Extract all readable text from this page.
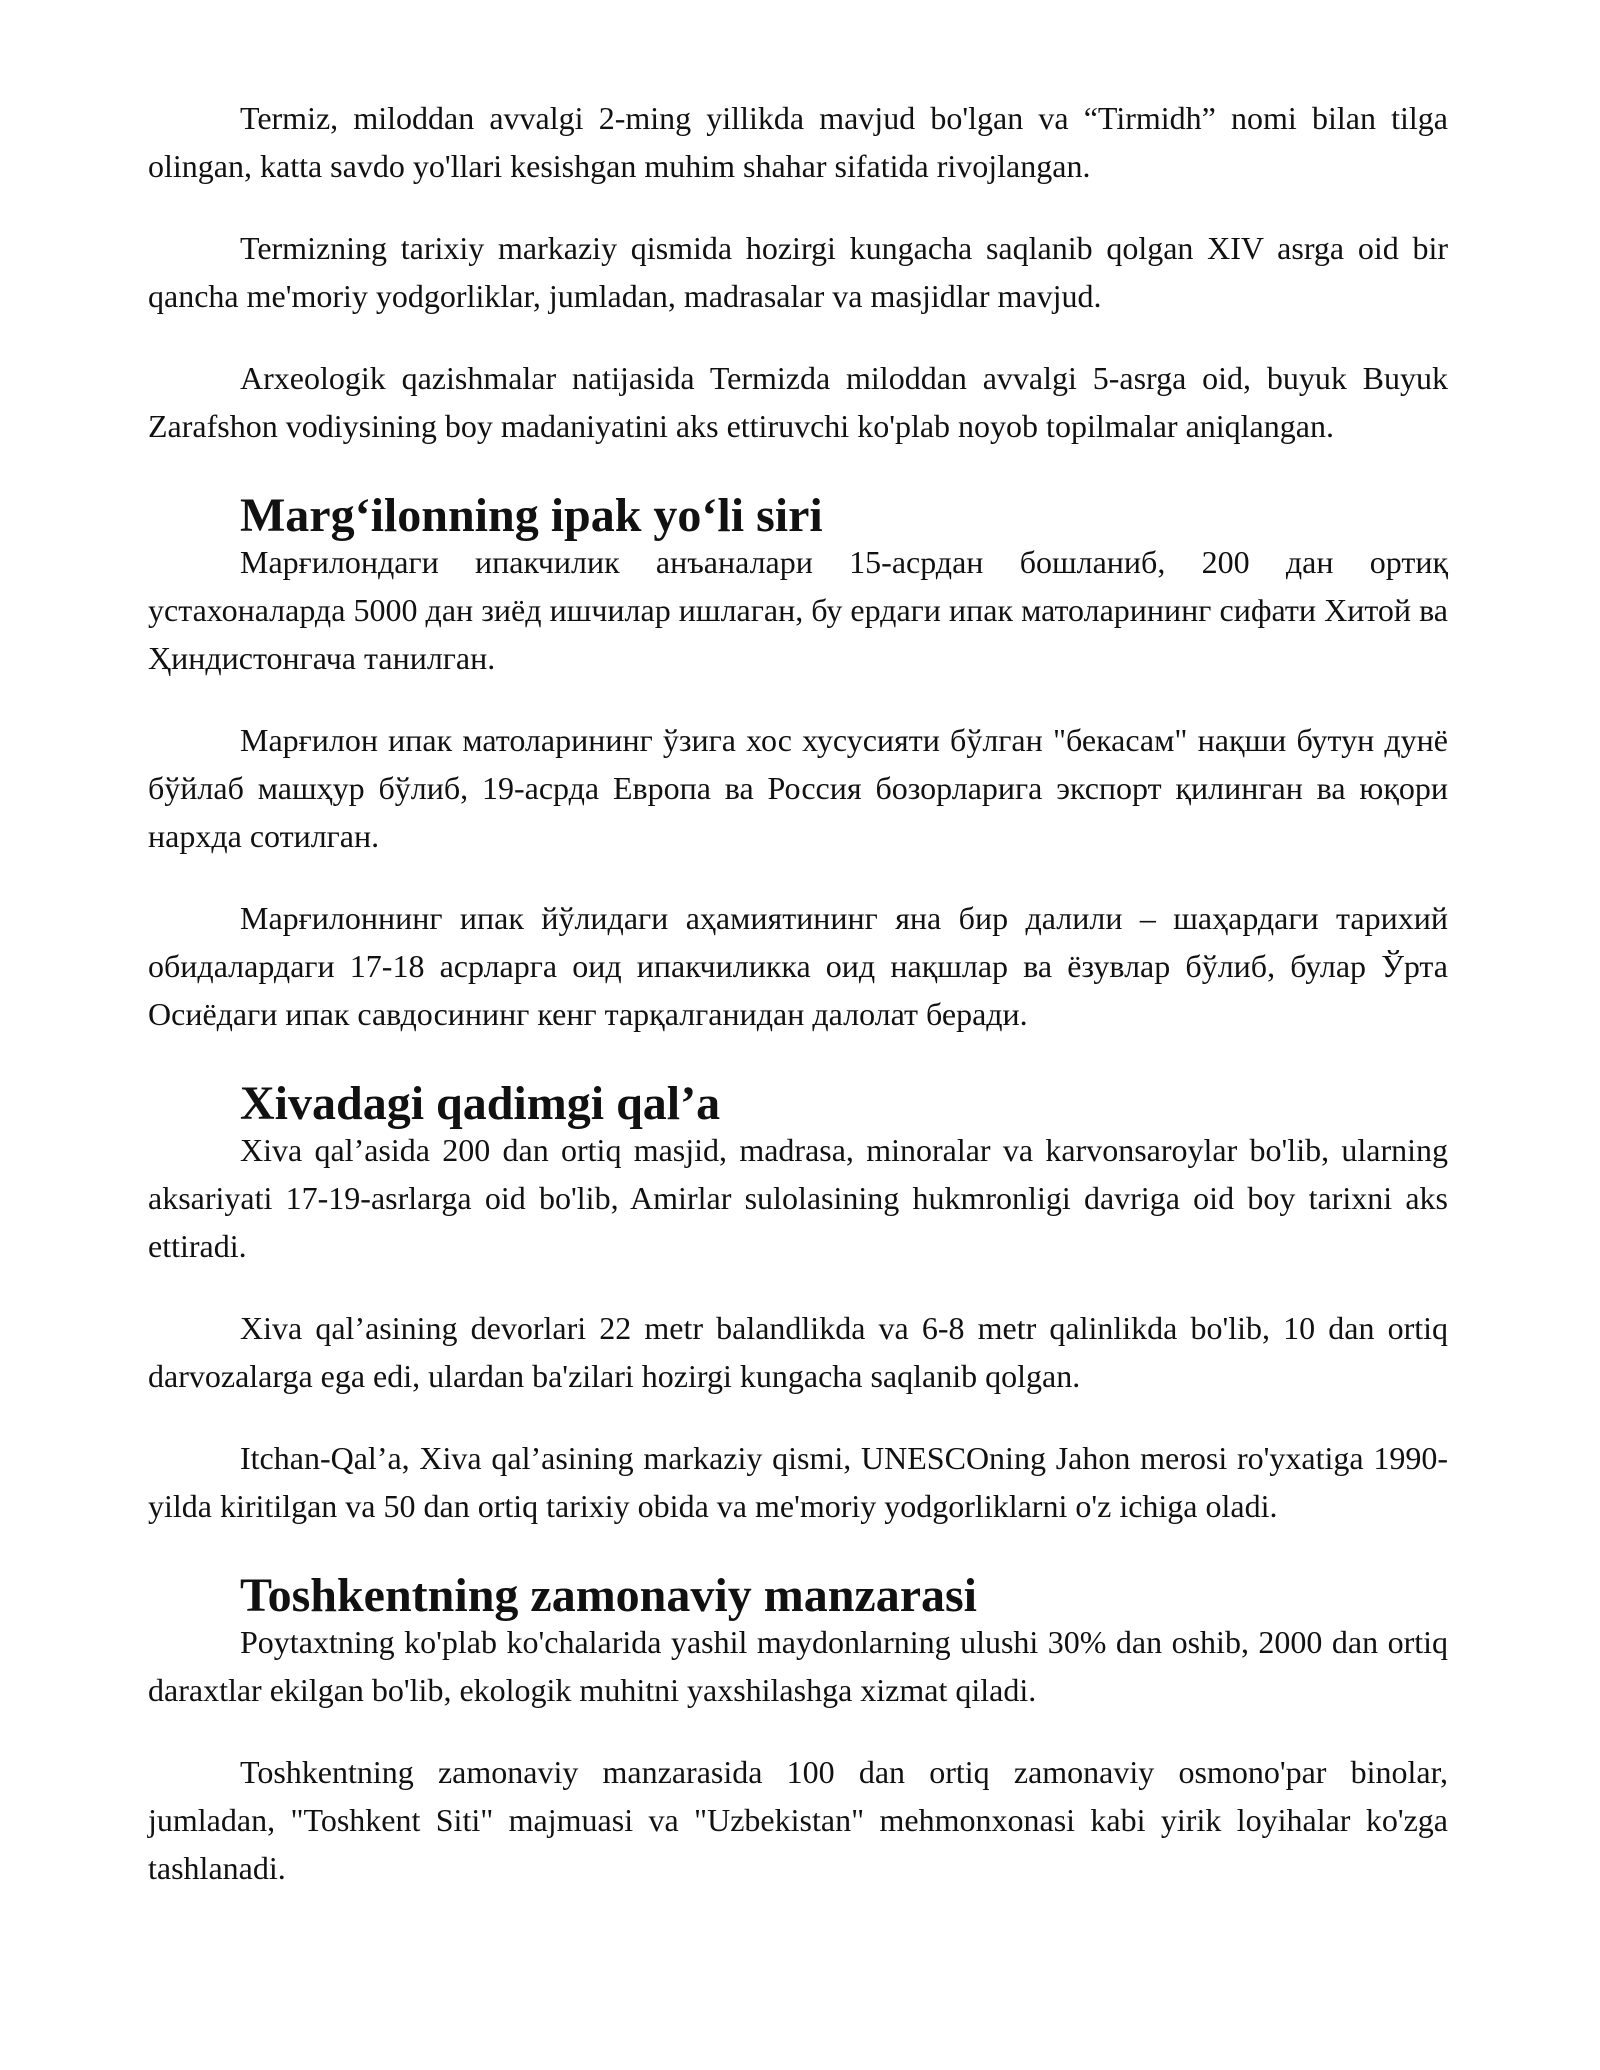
Termiz, miloddan avvalgi 2-ming yillikda mavjud bo'lgan va “Tirmidh” nomi bilan tilga olingan, katta savdo yo'llari kesishgan muhim shahar sifatida rivojlangan.

Termizning tarixiy markaziy qismida hozirgi kungacha saqlanib qolgan XIV asrga oid bir qancha me'moriy yodgorliklar, jumladan, madrasalar va masjidlar mavjud.

Arxeologik qazishmalar natijasida Termizda miloddan avvalgi 5-asrga oid, buyuk Buyuk Zarafshon vodiysining boy madaniyatini aks ettiruvchi ko'plab noyob topilmalar aniqlangan.

Marg‘ilonning ipak yo‘li siri

Марғилондаги ипакчилик анъаналари 15-асрдан бошланиб, 200 дан ортиқ устахоналарда 5000 дан зиёд ишчилар ишлаган, бу ердаги ипак матоларининг сифати Хитой ва Ҳиндистонгача танилган.

Марғилон ипак матоларининг ўзига хос хусусияти бўлган "бекасам" нақши бутун дунё бўйлаб машҳур бўлиб, 19-асрда Европа ва Россия бозорларига экспорт қилинган ва юқори нархда сотилган.

Марғилоннинг ипак йўлидаги аҳамиятининг яна бир далили – шаҳардаги тарихий обидалардаги 17-18 асрларга оид ипакчиликка оид нақшлар ва ёзувлар бўлиб, булар Ўрта Осиёдаги ипак савдосининг кенг тарқалганидан далолат беради.

Xivadagi qadimgi qal’a

Xiva qal’asida 200 dan ortiq masjid, madrasa, minoralar va karvonsaroylar bo'lib, ularning aksariyati 17-19-asrlarga oid bo'lib, Amirlar sulolasining hukmronligi davriga oid boy tarixni aks ettiradi.

Xiva qal’asining devorlari 22 metr balandlikda va 6-8 metr qalinlikda bo'lib, 10 dan ortiq darvozalarga ega edi, ulardan ba'zilari hozirgi kungacha saqlanib qolgan.

Itchan-Qal’a, Xiva qal’asining markaziy qismi, UNESCOning Jahon merosi ro'yxatiga 1990-yilda kiritilgan va 50 dan ortiq tarixiy obida va me'moriy yodgorliklarni o'z ichiga oladi.

Toshkentning zamonaviy manzarasi

Poytaxtning ko'plab ko'chalarida yashil maydonlarning ulushi 30% dan oshib, 2000 dan ortiq daraxtlar ekilgan bo'lib, ekologik muhitni yaxshilashga xizmat qiladi.

Toshkentning zamonaviy manzarasida 100 dan ortiq zamonaviy osmono'par binolar, jumladan, "Toshkent Siti" majmuasi va "Uzbekistan" mehmonxonasi kabi yirik loyihalar ko'zga tashlanadi.
